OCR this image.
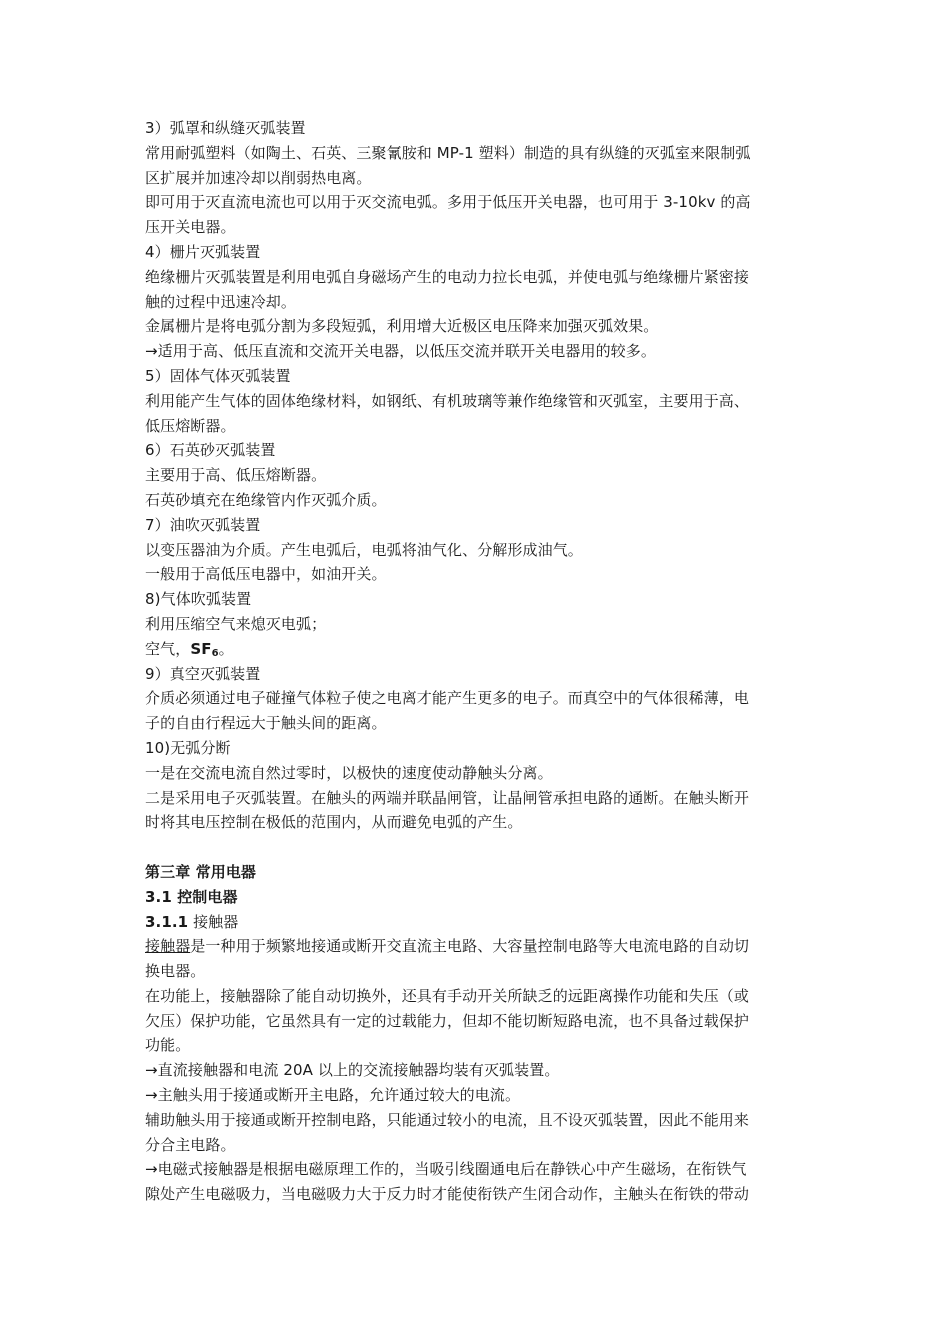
3）弧罩和纵缝灭弧装置
常用耐弧塑料（如陶土、石英、三聚氰胺和 MP-1 塑料）制造的具有纵缝的灭弧室来限制弧
区扩展并加速冷却以削弱热电离。
即可用于灭直流电流也可以用于灭交流电弧。多用于低压开关电器，也可用于 3-10kv 的高
压开关电器。
4）栅片灭弧装置
绝缘栅片灭弧装置是利用电弧自身磁场产生的电动力拉长电弧，并使电弧与绝缘栅片紧密接
触的过程中迅速冷却。
金属栅片是将电弧分割为多段短弧，利用增大近极区电压降来加强灭弧效果。
→适用于高、低压直流和交流开关电器，以低压交流并联开关电器用的较多。
5）固体气体灭弧装置
利用能产生气体的固体绝缘材料，如钢纸、有机玻璃等兼作绝缘管和灭弧室，主要用于高、
低压熔断器。
6）石英砂灭弧装置
主要用于高、低压熔断器。
石英砂填充在绝缘管内作灭弧介质。
7）油吹灭弧装置
以变压器油为介质。产生电弧后，电弧将油气化、分解形成油气。
一般用于高低压电器中，如油开关。
8)气体吹弧装置
利用压缩空气来熄灭电弧；
空气，$SF_6$。
9）真空灭弧装置
介质必须通过电子碰撞气体粒子使之电离才能产生更多的电子。而真空中的气体很稀薄，电
子的自由行程远大于触头间的距离。
10)无弧分断
一是在交流电流自然过零时，以极快的速度使动静触头分离。
二是采用电子灭弧装置。在触头的两端并联晶闸管，让晶闸管承担电路的通断。在触头断开
时将其电压控制在极低的范围内，从而避免电弧的产生。
第三章 常用电器
3.1 控制电器
3.1.1 接触器
接触器是一种用于频繁地接通或断开交直流主电路、大容量控制电路等大电流电路的自动切
换电器。
在功能上，接触器除了能自动切换外，还具有手动开关所缺乏的远距离操作功能和失压（或
欠压）保护功能，它虽然具有一定的过载能力，但却不能切断短路电流，也不具备过载保护
功能。
→直流接触器和电流 20A 以上的交流接触器均装有灭弧装置。
→主触头用于接通或断开主电路，允许通过较大的电流。
辅助触头用于接通或断开控制电路，只能通过较小的电流，且不设灭弧装置，因此不能用来
分合主电路。
→电磁式接触器是根据电磁原理工作的，当吸引线圈通电后在静铁心中产生磁场，在衔铁气
隙处产生电磁吸力，当电磁吸力大于反力时才能使衔铁产生闭合动作，主触头在衔铁的带动
